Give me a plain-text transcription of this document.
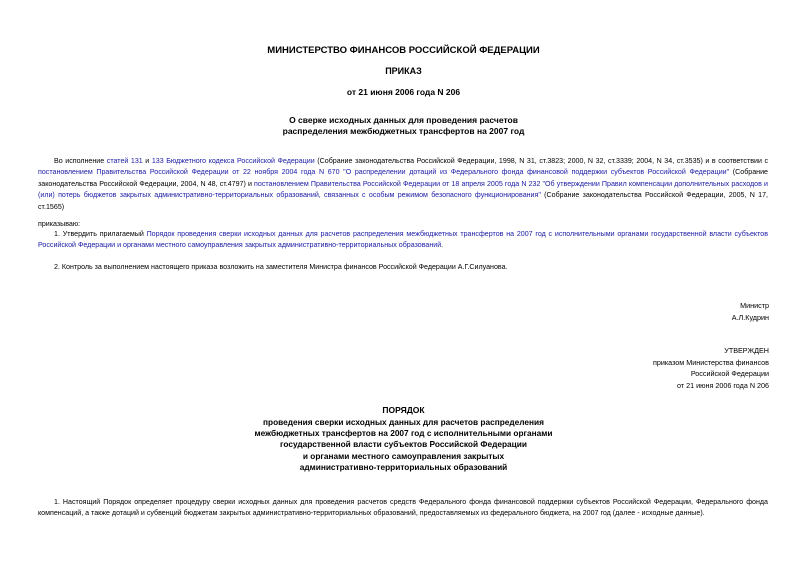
МИНИСТЕРСТВО ФИНАНСОВ РОССИЙСКОЙ ФЕДЕРАЦИИ
ПРИКАЗ
от 21 июня 2006 года N 206
О сверке исходных данных для проведения расчетов
распределения межбюджетных трансфертов на 2007 год

Во исполнение статей 131 и 133 Бюджетного кодекса Российской Федерации (Собрание законодательства Российской Федерации, 1998, N 31, ст.3823; 2000, N 32, ст.3339; 2004, N 34, ст.3535) и в соответствии с постановлением Правительства Российской Федерации от 22 ноября 2004 года N 670 "О распределении дотаций из Федерального фонда финансовой поддержки субъектов Российской Федерации" (Собрание законодательства Российской Федерации, 2004, N 48, ст.4797) и постановлением Правительства Российской Федерации от 18 апреля 2005 года N 232 "Об утверждении Правил компенсации дополнительных расходов и (или) потерь бюджетов закрытых административно-территориальных образований, связанных с особым режимом безопасного функционирования" (Собрание законодательства Российской Федерации, 2005, N 17, ст.1565)

приказываю:

1. Утвердить прилагаемый Порядок проведения сверки исходных данных для расчетов распределения межбюджетных трансфертов на 2007 год с исполнительными органами государственной власти субъектов Российской Федерации и органами местного самоуправления закрытых административно-территориальных образований.

2. Контроль за выполнением настоящего приказа возложить на заместителя Министра финансов Российской Федерации А.Г.Силуанова.

Министр
А.Л.Кудрин
УТВЕРЖДЕН
приказом Министерства финансов
Российской Федерации
от 21 июня 2006 года N 206
ПОРЯДОК
проведения сверки исходных данных для расчетов распределения
межбюджетных трансфертов на 2007 год с исполнительными органами
государственной власти субъектов Российской Федерации
и органами местного самоуправления закрытых
административно-территориальных образований

1. Настоящий Порядок определяет процедуру сверки исходных данных для проведения расчетов средств Федерального фонда финансовой поддержки субъектов Российской Федерации, Федерального фонда компенсаций, а также дотаций и субвенций бюджетам закрытых административно-территориальных образований, предоставляемых из федерального бюджета, на 2007 год (далее - исходные данные).
